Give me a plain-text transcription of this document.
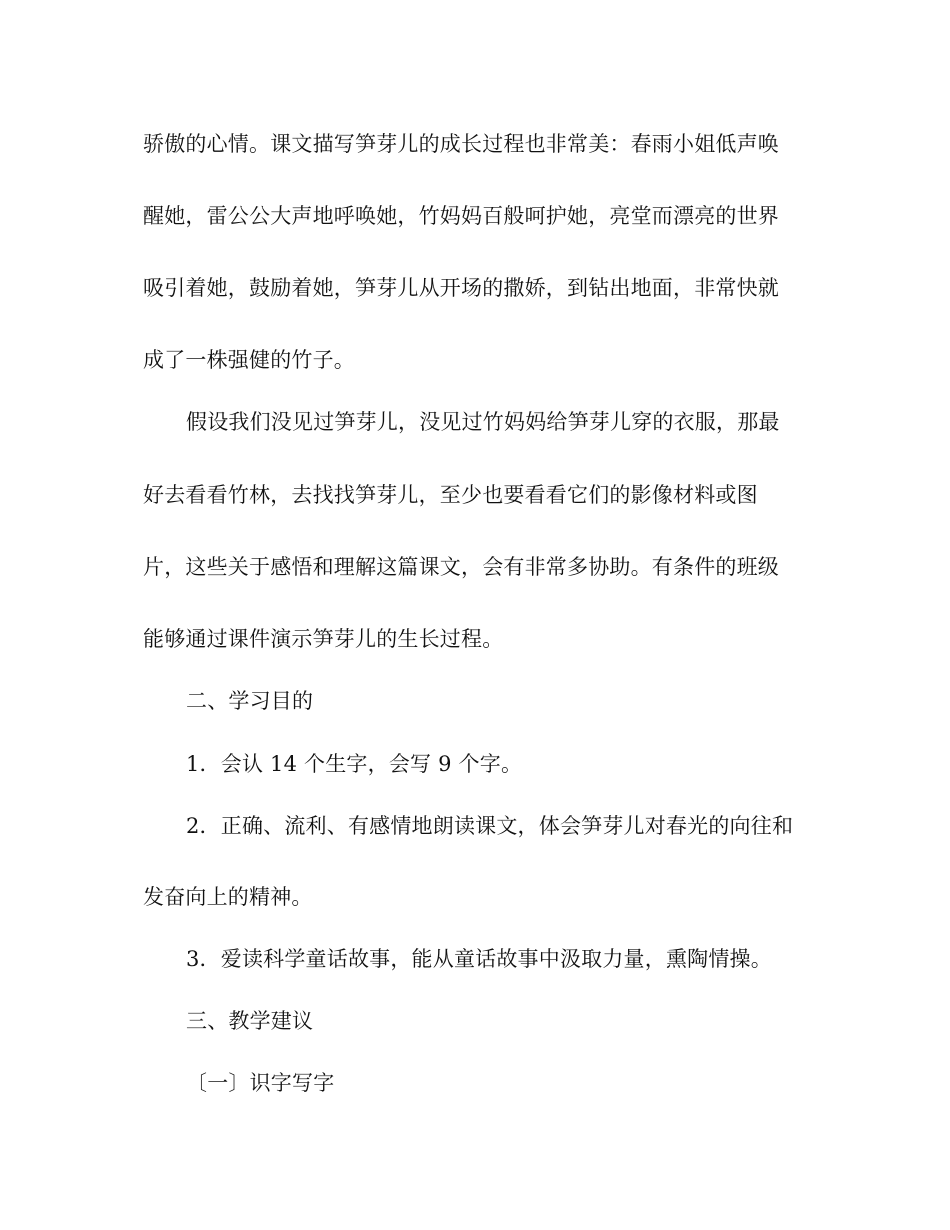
骄傲的心情。课文描写笋芽儿的成长过程也非常美：春雨小姐低声唤
醒她，雷公公大声地呼唤她，竹妈妈百般呵护她，亮堂而漂亮的世界
吸引着她，鼓励着她，笋芽儿从开场的撒娇，到钻出地面，非常快就
成了一株强健的竹子。
假设我们没见过笋芽儿，没见过竹妈妈给笋芽儿穿的衣服，那最
好去看看竹林，去找找笋芽儿，至少也要看看它们的影像材料或图
片，这些关于感悟和理解这篇课文，会有非常多协助。有条件的班级
能够通过课件演示笋芽儿的生长过程。
二、学习目的
1．会认 14 个生字，会写 9 个字。
2．正确、流利、有感情地朗读课文，体会笋芽儿对春光的向往和
发奋向上的精神。
3．爱读科学童话故事，能从童话故事中汲取力量，熏陶情操。
三、教学建议
〔一〕识字写字
